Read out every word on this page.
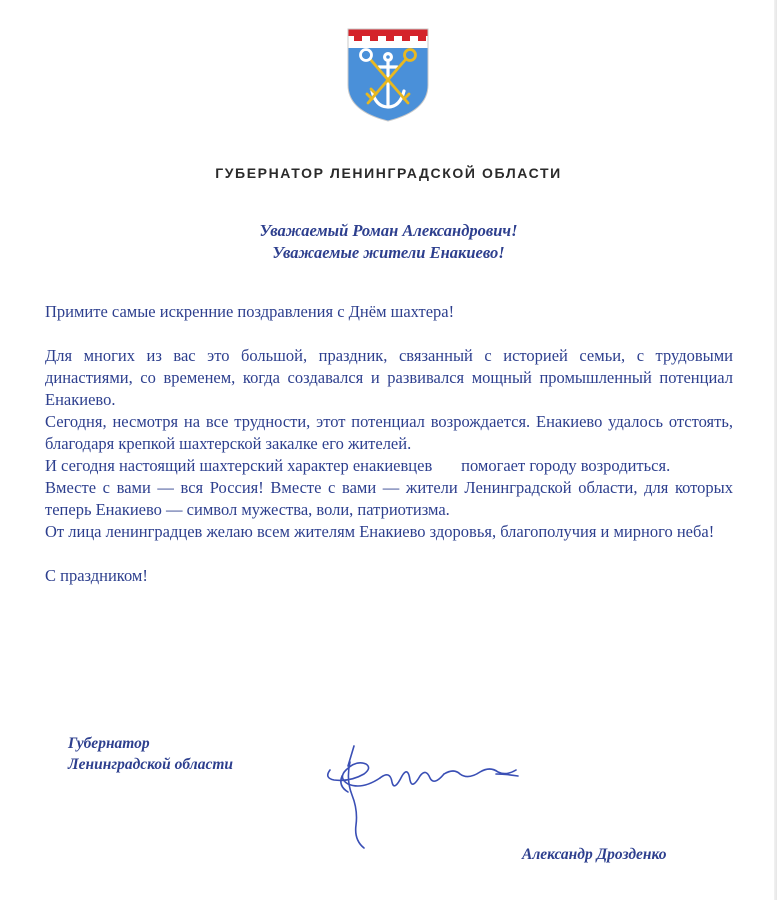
ГУБЕРНАТОР ЛЕНИНГРАДСКОЙ ОБЛАСТИ
Уважаемый Роман Александрович!
Уважаемые жители Енакиево!

Примите самые искренние поздравления с Днём шахтера!

Для многих из вас это большой, праздник, связанный с историей семьи, с трудовыми династиями, со временем, когда создавался и развивался мощный промышленный потенциал Енакиево.

Сегодня, несмотря на все трудности, этот потенциал возрождается. Енакиево удалось отстоять, благодаря крепкой шахтерской закалке его жителей.

И сегодня настоящий шахтерский характер енакиевцев       помогает городу возродиться.

Вместе с вами — вся Россия! Вместе с вами — жители Ленинградской области, для которых теперь Енакиево — символ мужества, воли, патриотизма.

От лица ленинградцев желаю всем жителям Енакиево здоровья, благополучия и мирного неба!

С праздником!

Губернатор
Ленинградской области
Александр Дрозденко
